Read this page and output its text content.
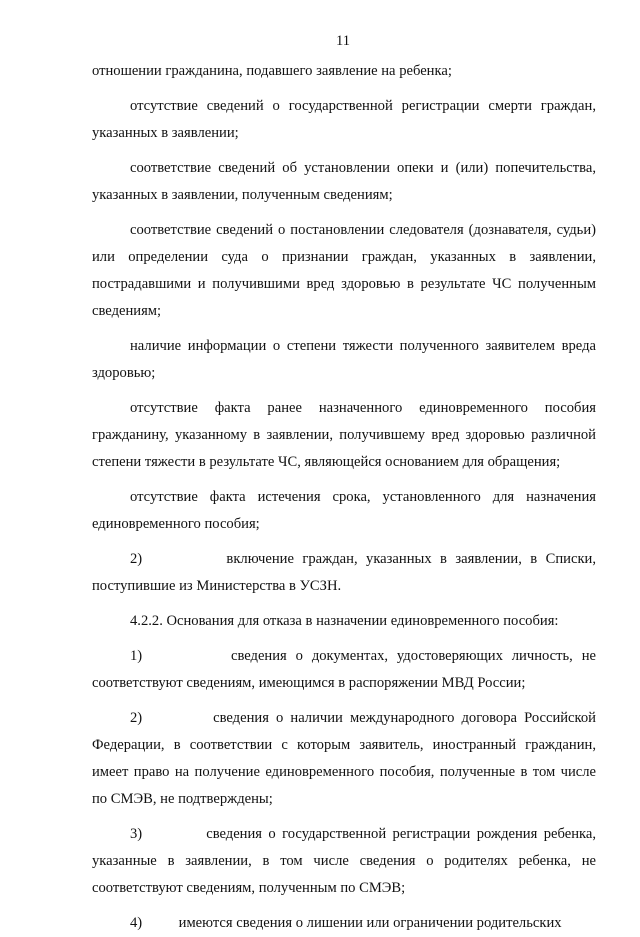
11

отношении гражданина, подавшего заявление на ребенка;

отсутствие сведений о государственной регистрации смерти граждан, указанных в заявлении;

соответствие сведений об установлении опеки и (или) попечительства, указанных в заявлении, полученным сведениям;

соответствие сведений о постановлении следователя (дознавателя, судьи) или определении суда о признании граждан, указанных в заявлении, пострадавшими и получившими вред здоровью в результате ЧС полученным сведениям;

наличие информации о степени тяжести полученного заявителем вреда здоровью;

отсутствие факта ранее назначенного единовременного пособия гражданину, указанному в заявлении, получившему вред здоровью различной степени тяжести в результате ЧС, являющейся основанием для обращения;

отсутствие факта истечения срока, установленного для назначения единовременного пособия;

2)          включение граждан, указанных в заявлении, в Списки, поступившие из Министерства в УСЗН.

4.2.2. Основания для отказа в назначении единовременного пособия:

1)          сведения о документах, удостоверяющих личность, не соответствуют сведениям, имеющимся в распоряжении МВД России;

2)          сведения о наличии международного договора Российской Федерации, в соответствии с которым заявитель, иностранный гражданин, имеет право на получение единовременного пособия, полученные в том числе по СМЭВ, не подтверждены;

3)          сведения о государственной регистрации рождения ребенка, указанные в заявлении, в том числе сведения о родителях ребенка, не соответствуют сведениям, полученным по СМЭВ;

4)          имеются сведения о лишении или ограничении родительских
